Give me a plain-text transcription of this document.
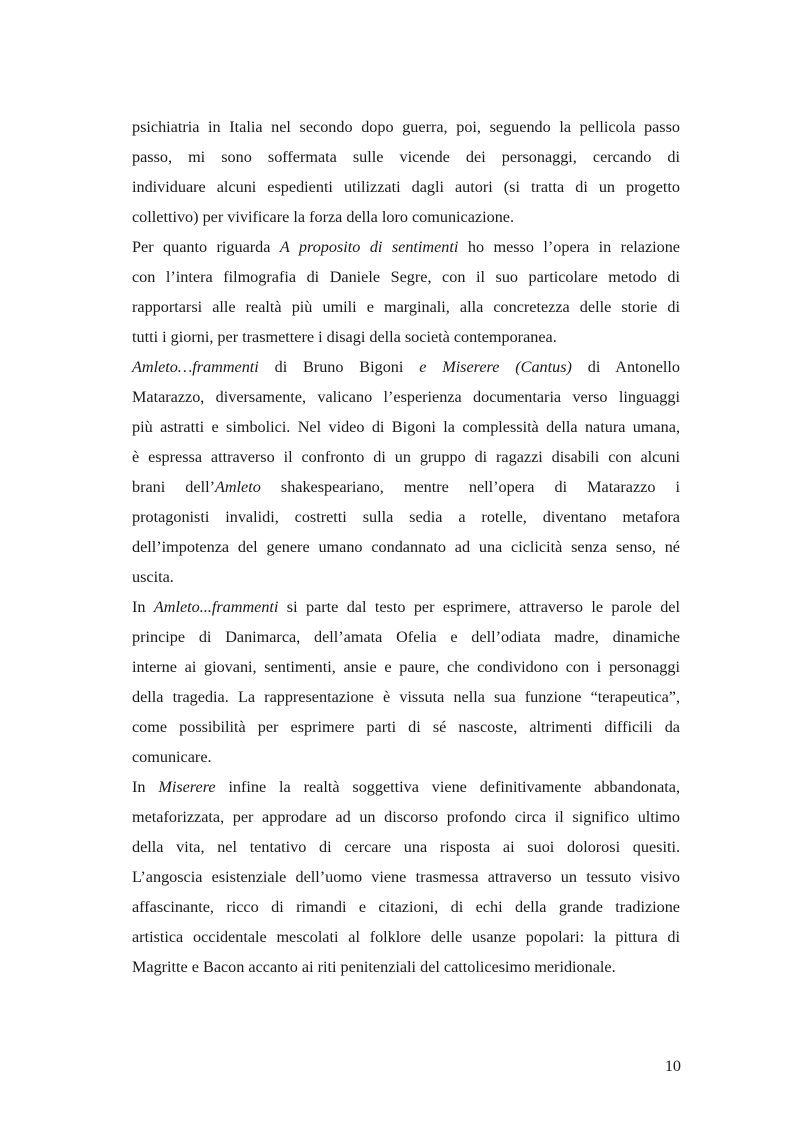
psichiatria in Italia nel secondo dopo guerra, poi, seguendo la pellicola passo
passo, mi sono soffermata sulle vicende dei personaggi, cercando di
individuare alcuni espedienti utilizzati dagli autori (si tratta di un progetto
collettivo) per vivificare la forza della loro comunicazione.
Per quanto riguarda A proposito di sentimenti ho messo l’opera in relazione
con l’intera filmografia di Daniele Segre, con il suo particolare metodo di
rapportarsi alle realtà più umili e marginali, alla concretezza delle storie di
tutti i giorni, per trasmettere i disagi della società contemporanea.
Amleto…frammenti di Bruno Bigoni e Miserere (Cantus) di Antonello
Matarazzo, diversamente, valicano l’esperienza documentaria verso linguaggi
più astratti e simbolici. Nel video di Bigoni la complessità della natura umana,
è espressa attraverso il confronto di un gruppo di ragazzi disabili con alcuni
brani dell’Amleto shakespeariano, mentre nell’opera di Matarazzo i
protagonisti invalidi, costretti sulla sedia a rotelle, diventano metafora
dell’impotenza del genere umano condannato ad una ciclicità senza senso, né
uscita.
In Amleto...frammenti si parte dal testo per esprimere, attraverso le parole del
principe di Danimarca, dell’amata Ofelia e dell’odiata madre, dinamiche
interne ai giovani, sentimenti, ansie e paure, che condividono con i personaggi
della tragedia. La rappresentazione è vissuta nella sua funzione “terapeutica”,
come possibilità per esprimere parti di sé nascoste, altrimenti difficili da
comunicare.
In Miserere infine la realtà soggettiva viene definitivamente abbandonata,
metaforizzata, per approdare ad un discorso profondo circa il significo ultimo
della vita, nel tentativo di cercare una risposta ai suoi dolorosi quesiti.
L’angoscia esistenziale dell’uomo viene trasmessa attraverso un tessuto visivo
affascinante, ricco di rimandi e citazioni, di echi della grande tradizione
artistica occidentale mescolati al folklore delle usanze popolari: la pittura di
Magritte e Bacon accanto ai riti penitenziali del cattolicesimo meridionale.
10
